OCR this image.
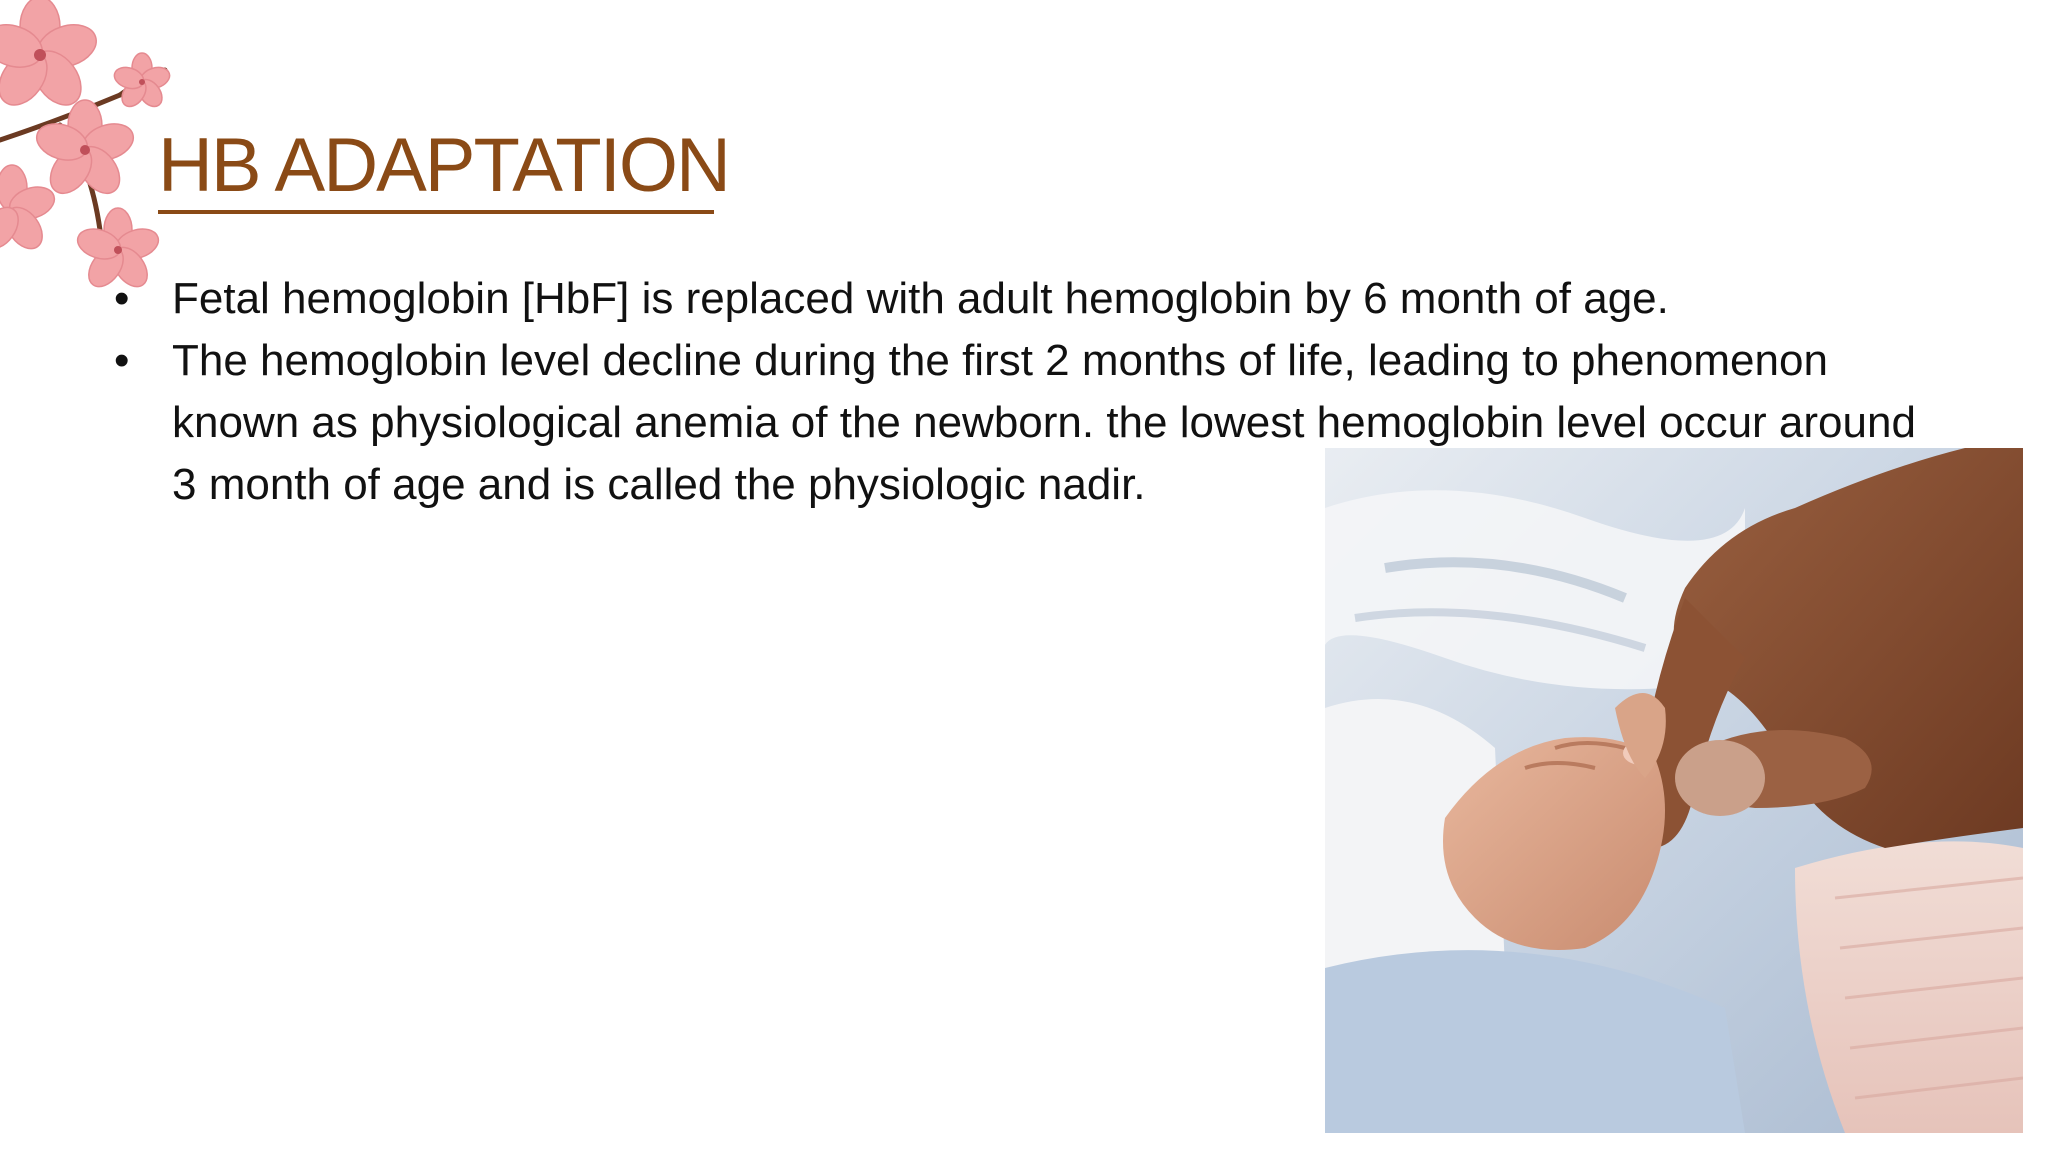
HB ADAPTATION
• Fetal hemoglobin [HbF] is replaced with adult hemoglobin by 6 month of age.
• The hemoglobin level decline during the first 2 months of life, leading to phenomenon known as physiological anemia of the newborn. the lowest hemoglobin level occur around 3 month of age and is called the physiologic nadir.
